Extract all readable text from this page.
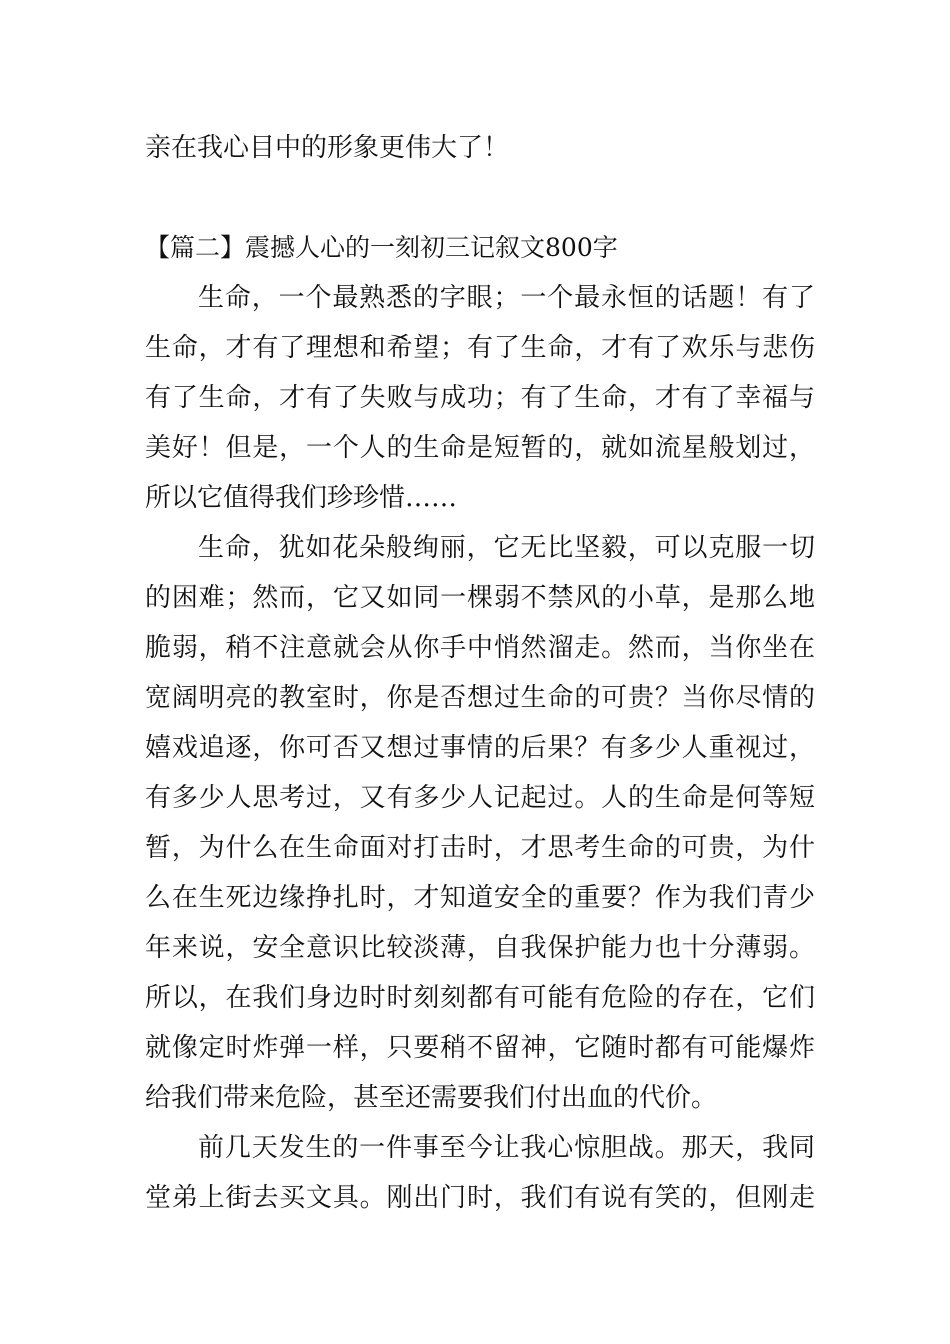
亲在我心目中的形象更伟大了！
【篇二】震撼人心的一刻初三记叙文800字
生命，一个最熟悉的字眼；一个最永恒的话题！有了
生命，才有了理想和希望；有了生命，才有了欢乐与悲伤
有了生命，才有了失败与成功；有了生命，才有了幸福与
美好！但是，一个人的生命是短暂的，就如流星般划过，
所以它值得我们珍珍惜……
生命，犹如花朵般绚丽，它无比坚毅，可以克服一切
的困难；然而，它又如同一棵弱不禁风的小草，是那么地
脆弱，稍不注意就会从你手中悄然溜走。然而，当你坐在
宽阔明亮的教室时，你是否想过生命的可贵？当你尽情的
嬉戏追逐，你可否又想过事情的后果？有多少人重视过，
有多少人思考过，又有多少人记起过。人的生命是何等短
暂，为什么在生命面对打击时，才思考生命的可贵，为什
么在生死边缘挣扎时，才知道安全的重要？作为我们青少
年来说，安全意识比较淡薄，自我保护能力也十分薄弱。
所以，在我们身边时时刻刻都有可能有危险的存在，它们
就像定时炸弹一样，只要稍不留神，它随时都有可能爆炸
给我们带来危险，甚至还需要我们付出血的代价。
前几天发生的一件事至今让我心惊胆战。那天，我同
堂弟上街去买文具。刚出门时，我们有说有笑的，但刚走
